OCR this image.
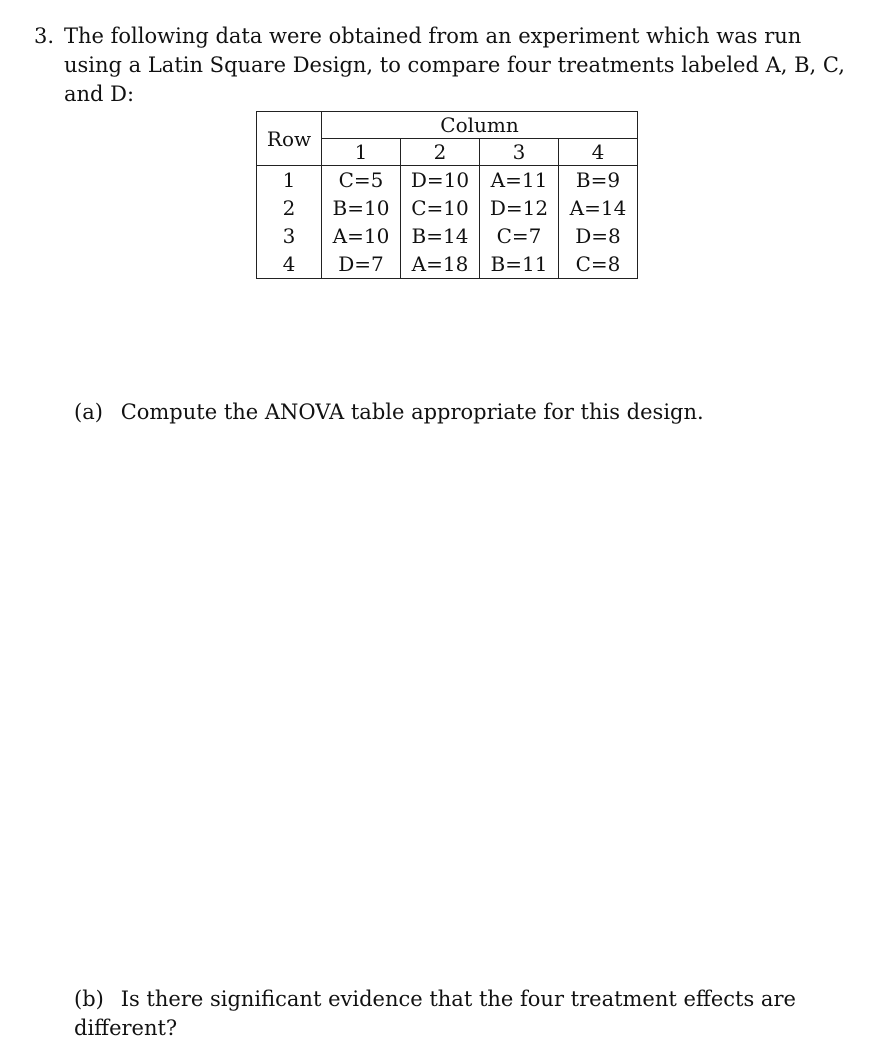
3. The following data were obtained from an experiment which was run using a Latin Square Design, to compare four treatments labeled A, B, C, and D:
Row	Column			
	1	2	3	4
1	C=5	D=10	A=11	B=9
2	B=10	C=10	D=12	A=14
3	A=10	B=14	C=7	D=8
4	D=7	A=18	B=11	C=8
(a) Compute the ANOVA table appropriate for this design.
(b) Is there significant evidence that the four treatment effects are different?
